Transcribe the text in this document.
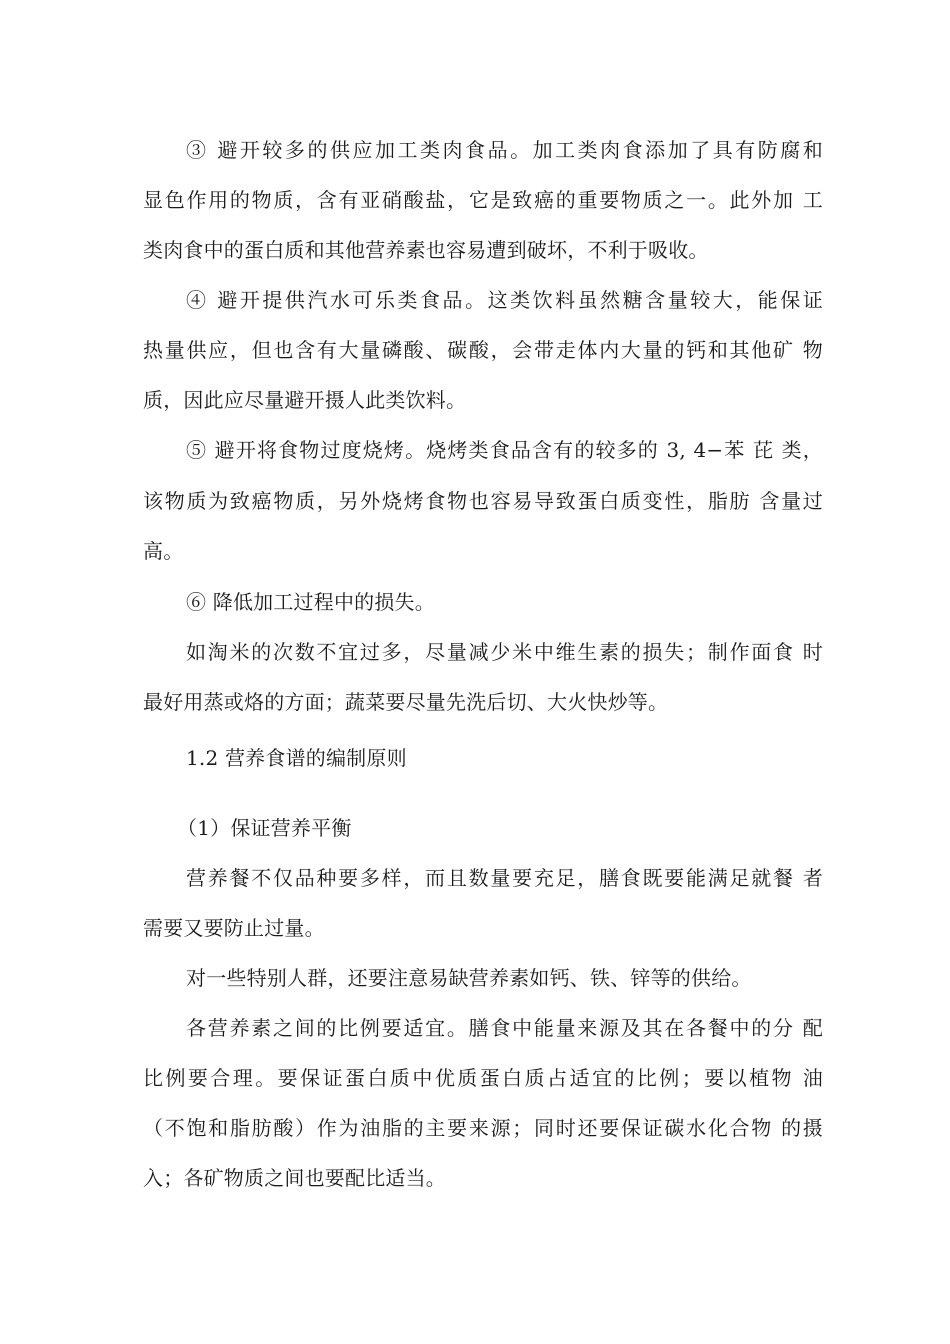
③ 避开较多的供应加工类肉食品。加工类肉食添加了具有防腐和
显色作用的物质，含有亚硝酸盐，它是致癌的重要物质之一。此外加 工
类肉食中的蛋白质和其他营养素也容易遭到破坏，不利于吸收。
④ 避开提供汽水可乐类食品。这类饮料虽然糖含量较大，能保证
热量供应，但也含有大量磷酸、碳酸，会带走体内大量的钙和其他矿 物
质，因此应尽量避开摄人此类饮料。
⑤ 避开将食物过度烧烤。烧烤类食品含有的较多的 3, 4−苯 芘 类，
该物质为致癌物质，另外烧烤食物也容易导致蛋白质变性，脂肪 含量过
高。
⑥ 降低加工过程中的损失。
如淘米的次数不宜过多，尽量减少米中维生素的损失；制作面食 时
最好用蒸或烙的方面；蔬菜要尽量先洗后切、大火快炒等。
1.2 营养食谱的编制原则
（1）保证营养平衡
营养餐不仅品种要多样，而且数量要充足，膳食既要能满足就餐 者
需要又要防止过量。
对一些特别人群，还要注意易缺营养素如钙、铁、锌等的供给。
各营养素之间的比例要适宜。膳食中能量来源及其在各餐中的分 配
比例要合理。要保证蛋白质中优质蛋白质占适宜的比例；要以植物 油
（不饱和脂肪酸）作为油脂的主要来源；同时还要保证碳水化合物 的摄
入；各矿物质之间也要配比适当。
